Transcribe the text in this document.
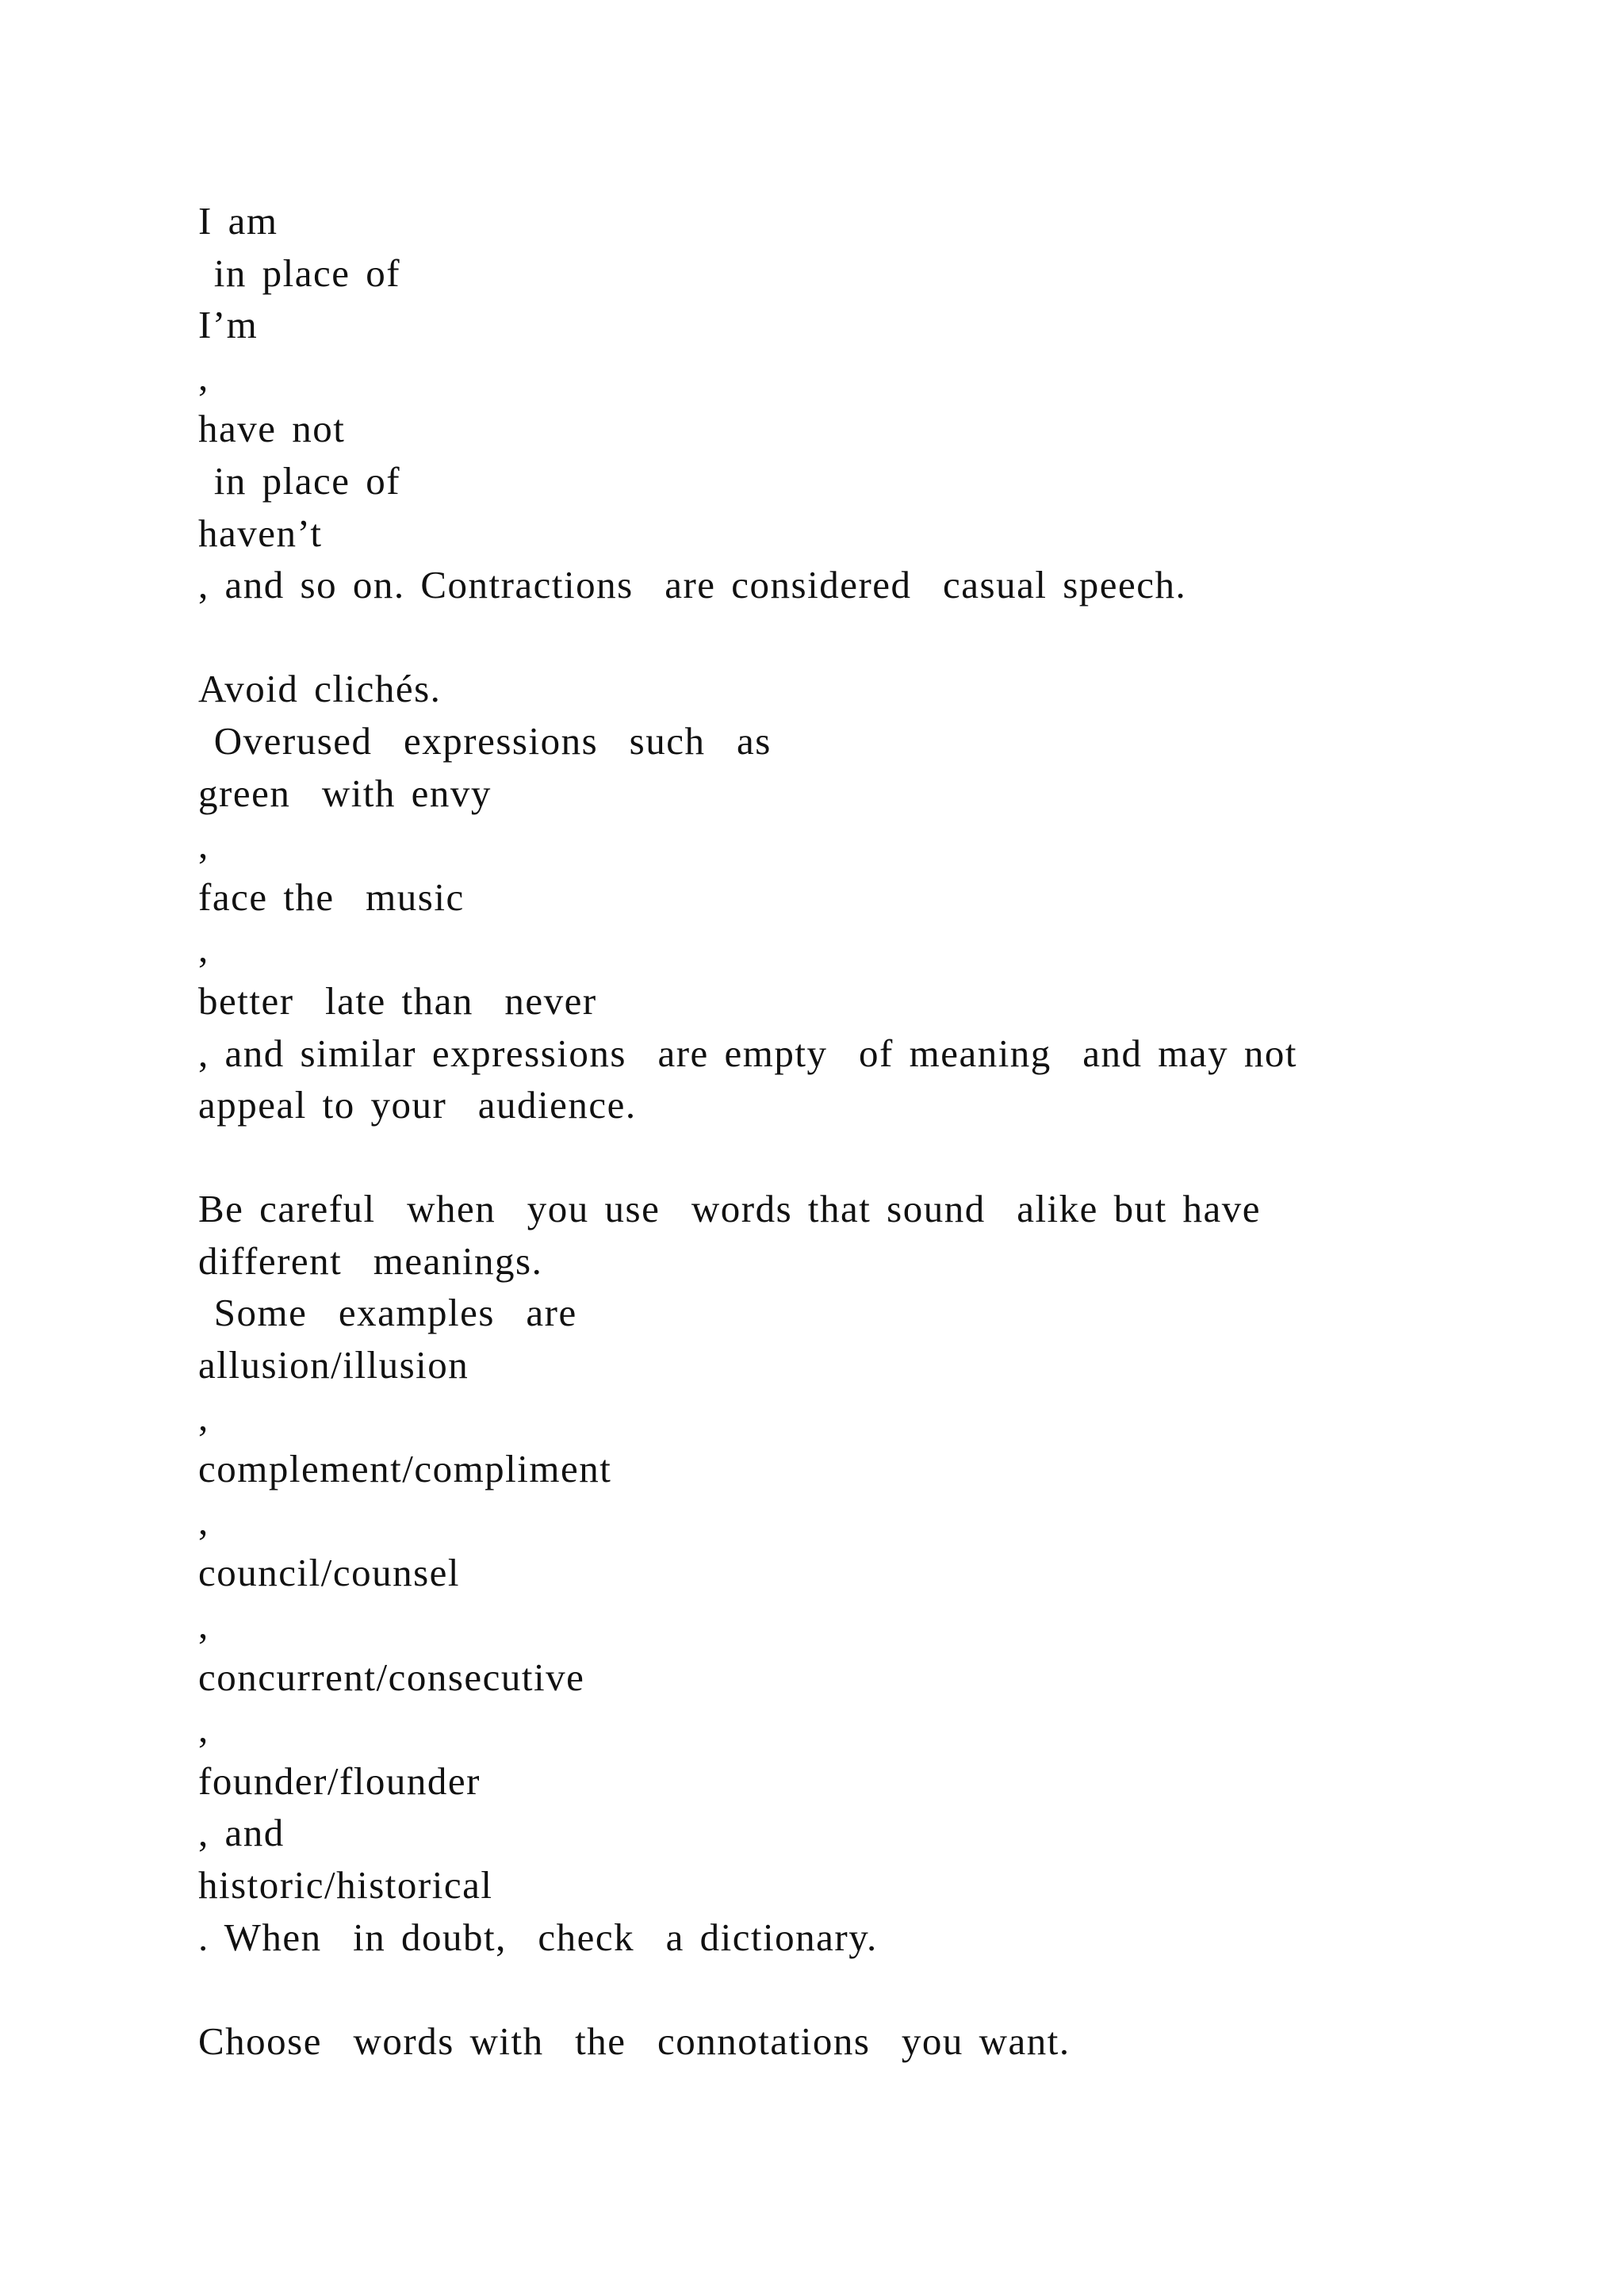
I am
in place of
I’m
,
have not
in place of
haven’t
, and so on. Contractions  are considered  casual speech.
Avoid clichés.
Overused  expressions  such  as
green  with envy
,
face the  music
,
better  late than  never
, and similar expressions  are empty  of meaning  and may not
appeal to your  audience.
Be careful  when  you use  words that sound  alike but have
different  meanings.
Some  examples  are
allusion/illusion
,
complement/compliment
,
council/counsel
,
concurrent/consecutive
,
founder/flounder
, and
historic/historical
. When  in doubt,  check  a dictionary.
Choose  words with  the  connotations  you want.
